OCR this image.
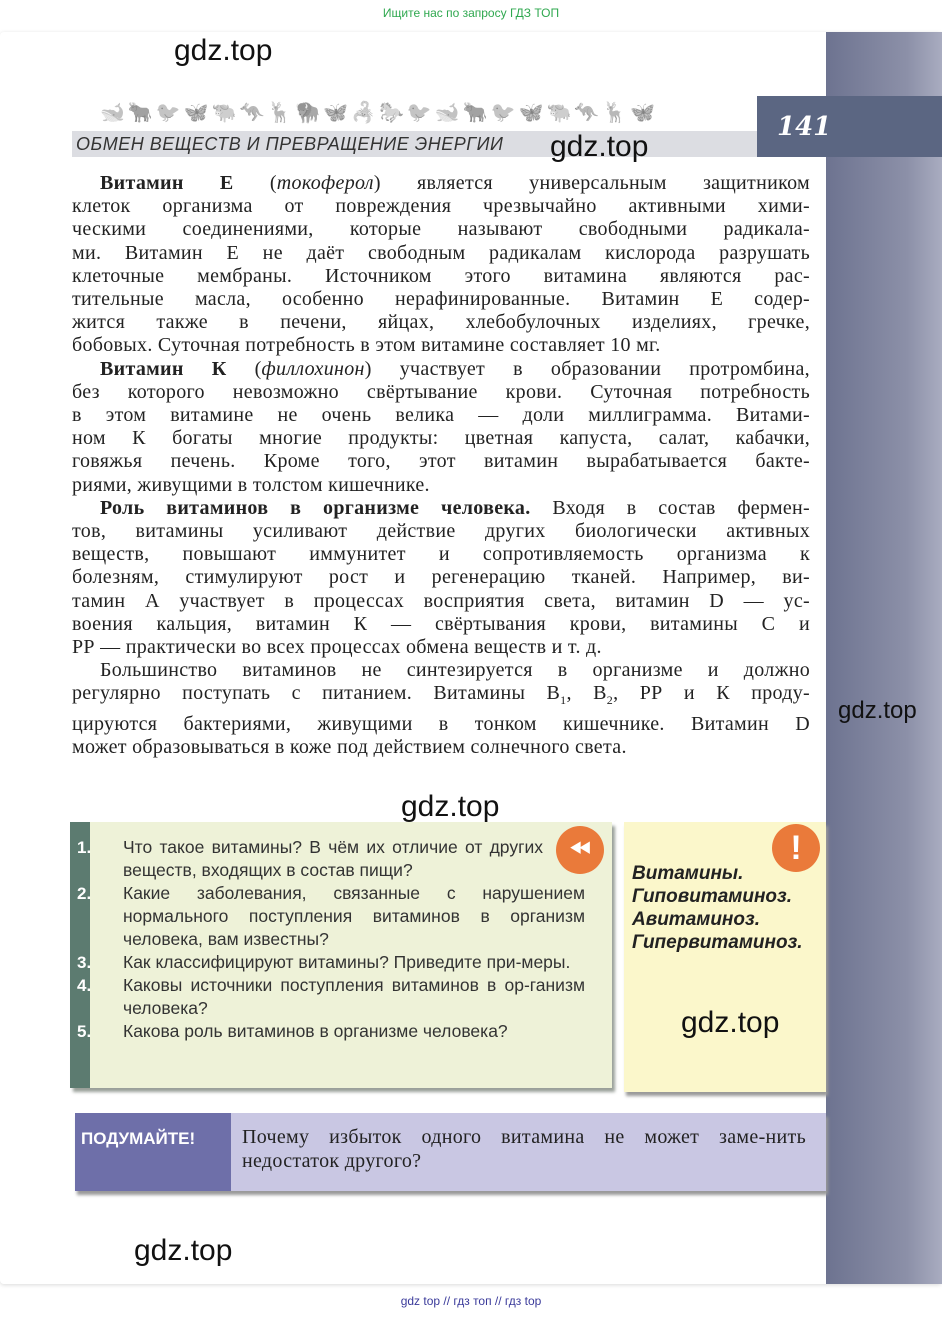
Ищите нас по запросу ГДЗ ТОП
🐋🐂🐦🦋🐃🦘🦌🦬🦋🦂🐎🐦🐋🐂🐦🦋🐃🦘🦌🦋
ОБМЕН ВЕЩЕСТВ И ПРЕВРАЩЕНИЕ ЭНЕРГИИ
141
Витамин Е (токоферол) является универсальным защитником
клеток организма от повреждения чрезвычайно активными хими-
ческими соединениями, которые называют свободными радикала-
ми. Витамин Е не даёт свободным радикалам кислорода разрушать
клеточные мембраны. Источником этого витамина являются рас-
тительные масла, особенно нерафинированные. Витамин Е содер-
жится также в печени, яйцах, хлебобулочных изделиях, гречке,
бобовых. Суточная потребность в этом витамине составляет 10 мг.
Витамин К (филлохинон) участвует в образовании протромбина,
без которого невозможно свёртывание крови. Суточная потребность
в этом витамине не очень велика — доли миллиграмма. Витами-
ном К богаты многие продукты: цветная капуста, салат, кабачки,
говяжья печень. Кроме того, этот витамин вырабатывается бакте-
риями, живущими в толстом кишечнике.
Роль витаминов в организме человека. Входя в состав фермен-
тов, витамины усиливают действие других биологически активных
веществ, повышают иммунитет и сопротивляемость организма к
болезням, стимулируют рост и регенерацию тканей. Например, ви-
тамин А участвует в процессах восприятия света, витамин D — ус-
воения кальция, витамин К — свёртывания крови, витамины С и
РР — практически во всех процессах обмена веществ и т. д.
Большинство витаминов не синтезируется в организме и должно
регулярно поступать с питанием. Витамины $В_1$, $В_2$, РР и К проду-
цируются бактериями, живущими в тонком кишечнике. Витамин D
может образовываться в коже под действием солнечного света.
1. Что такое витамины? В чём их отличие от других веществ, входящих в состав пищи?
2. Какие заболевания, связанные с нарушением нормального поступления витаминов в организм человека, вам известны?
3. Как классифицируют витамины? Приведите при-меры.
4. Каковы источники поступления витаминов в ор-ганизм человека?
5. Какова роль витаминов в организме человека?
⏪︎	!
Витамины.
Гиповитаминоз.
Авитаминоз.
Гипервитаминоз.
ПОДУМАЙТЕ!	Почему избыток одного витамина не может заме-нить недостаток другого?
gdz.top
gdz.top
gdz.top
gdz.top
gdz.top
gdz.top
gdz top // гдз топ // гдз top
